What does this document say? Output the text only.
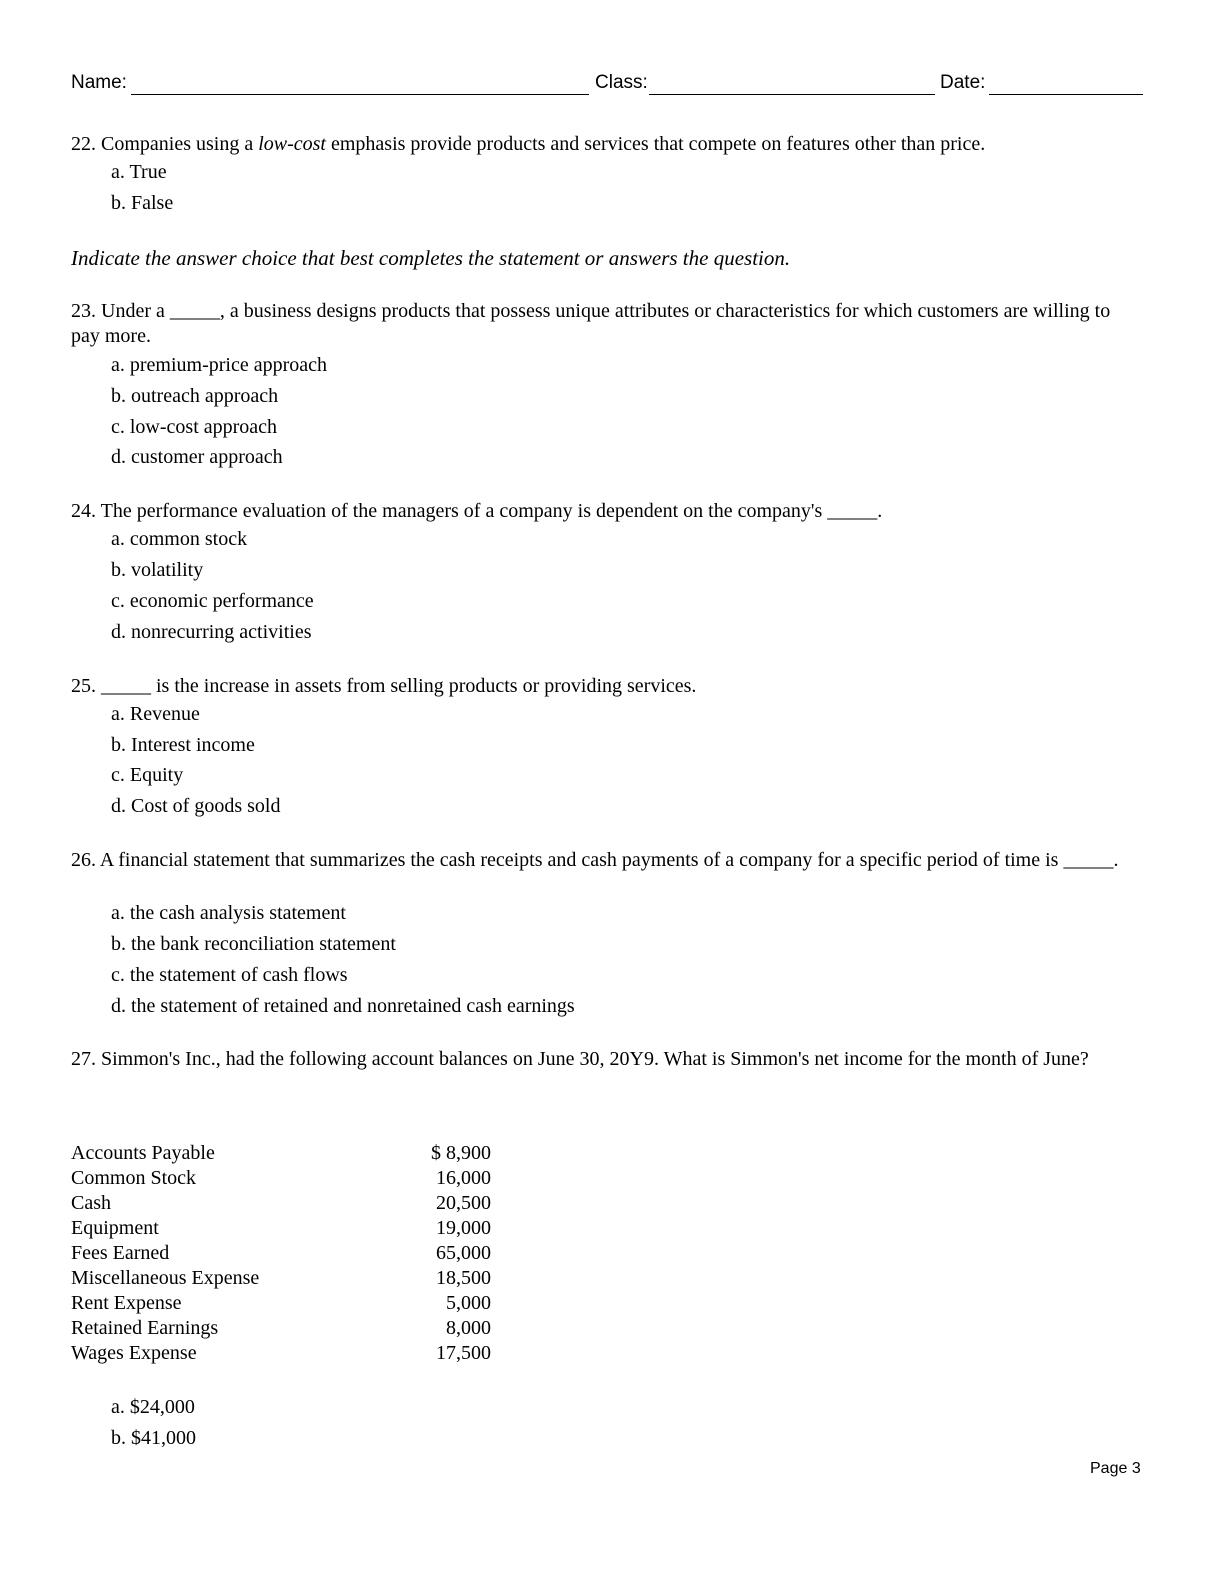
Name:	Class:	Date:
22. Companies using a low-cost emphasis provide products and services that compete on features other than price.
a. True
b. False
Indicate the answer choice that best completes the statement or answers the question.
23. Under a _____, a business designs products that possess unique attributes or characteristics for which customers are willing to pay more.
a. premium-price approach
b. outreach approach
c. low-cost approach
d. customer approach
24. The performance evaluation of the managers of a company is dependent on the company's _____.
a. common stock
b. volatility
c. economic performance
d. nonrecurring activities
25. _____ is the increase in assets from selling products or providing services.
a. Revenue
b. Interest income
c. Equity
d. Cost of goods sold
26. A financial statement that summarizes the cash receipts and cash payments of a company for a specific period of time is _____.
a. the cash analysis statement
b. the bank reconciliation statement
c. the statement of cash flows
d. the statement of retained and nonretained cash earnings
27. Simmon's Inc., had the following account balances on June 30, 20Y9. What is Simmon's net income for the month of June?
Accounts Payable	$ 8,900
Common Stock	16,000
Cash	20,500
Equipment	19,000
Fees Earned	65,000
Miscellaneous Expense	18,500
Rent Expense	5,000
Retained Earnings	8,000
Wages Expense	17,500
a. $24,000
b. $41,000
Page 3
